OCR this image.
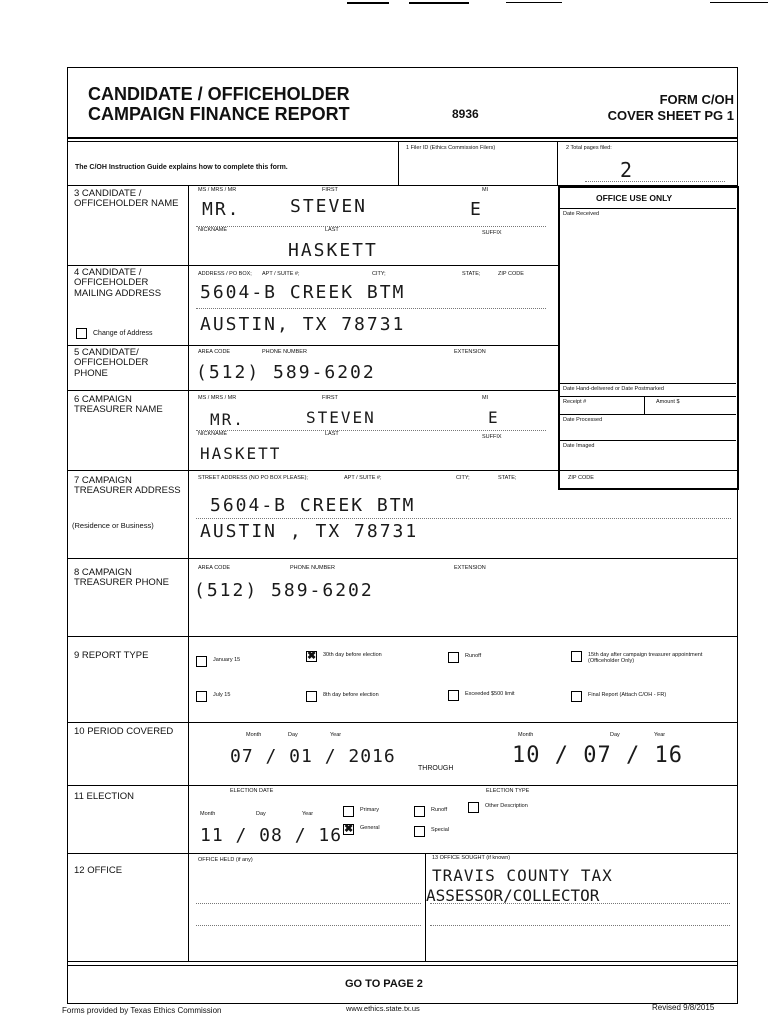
CANDIDATE / OFFICEHOLDER
CAMPAIGN FINANCE REPORT	8936
FORM C/OH
COVER SHEET PG 1
The C/OH Instruction Guide explains how to complete this form.
1 Filer ID (Ethics Commission Filers)	2 Total pages filed:
2
OFFICE USE ONLY
Date Received
Date Hand-delivered or Date Postmarked
Receipt #	Amount $
Date Processed
Date Imaged
3 CANDIDATE / OFFICEHOLDER NAME
MS / MRS / MR	FIRST	MI
MR.	STEVEN	E
NICKNAME	LAST	SUFFIX
HASKETT
4 CANDIDATE / OFFICEHOLDER MAILING ADDRESS
Change of Address
ADDRESS / PO BOX; APT / SUITE #;	CITY;	STATE;	ZIP CODE
5604-B CREEK BTM
AUSTIN, TX 78731
5 CANDIDATE/ OFFICEHOLDER PHONE
AREA CODE	PHONE NUMBER	EXTENSION
(512) 589-6202
6 CAMPAIGN TREASURER NAME
MS / MRS / MR	FIRST	MI
MR.	STEVEN	E
NICKNAME	LAST	SUFFIX
HASKETT
7 CAMPAIGN TREASURER ADDRESS
(Residence or Business)
STREET ADDRESS (NO PO BOX PLEASE);	APT / SUITE #;	CITY;	STATE;	ZIP CODE
5604-B CREEK BTM
AUSTIN , TX 78731
8 CAMPAIGN TREASURER PHONE
AREA CODE	PHONE NUMBER	EXTENSION
(512) 589-6202
9 REPORT TYPE	January 15	✖ 30th day before election	Runoff	15th day after campaign treasurer appointment (Officeholder Only)
July 15	8th day before election	Exceeded $500 limit	Final Report (Attach C/OH - FR)
10 PERIOD COVERED	Month	Day	Year
07 / 01 / 2016
THROUGH
Month	Day	Year
10 / 07 / 16
11 ELECTION	ELECTION DATE
Month	Day	Year
11 / 08 / 16
ELECTION TYPE
Primary	Runoff
Other Description
✖ General	Special
12 OFFICE
OFFICE HELD (if any)	13 OFFICE SOUGHT (if known)
TRAVIS COUNTY TAX
ASSESSOR/COLLECTOR
GO TO PAGE 2
Forms provided by Texas Ethics Commission	www.ethics.state.tx.us	Revised 9/8/2015
